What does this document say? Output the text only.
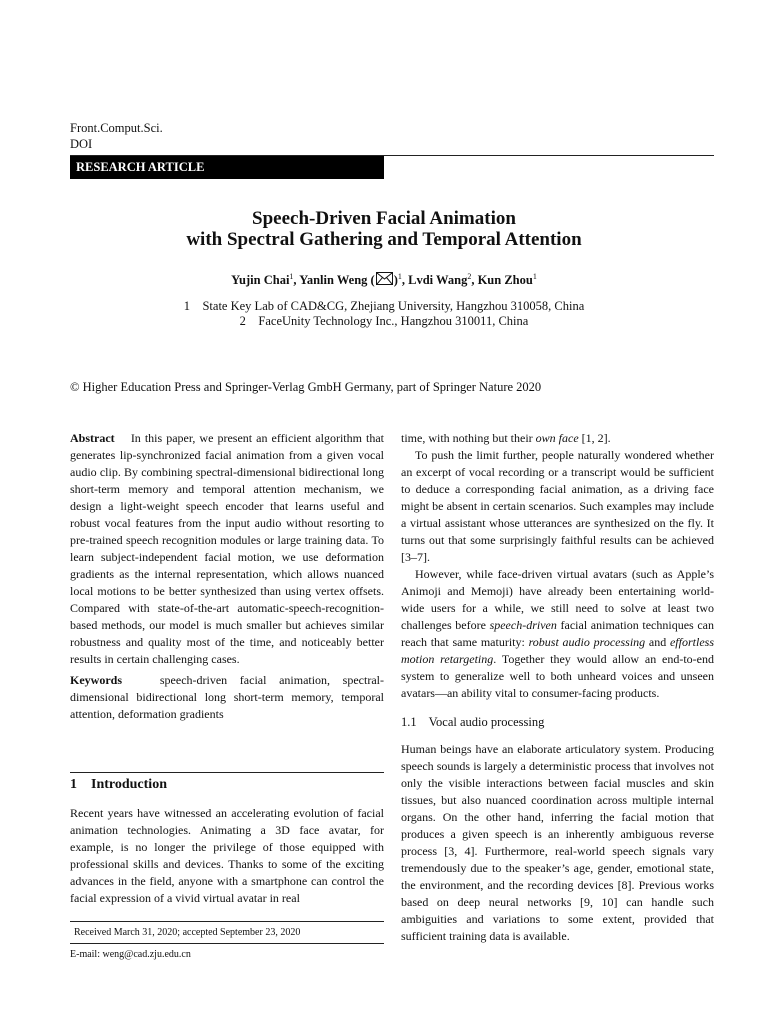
Front.Comput.Sci.
DOI
RESEARCH ARTICLE
Speech-Driven Facial Animation
with Spectral Gathering and Temporal Attention
Yujin Chai$^1$, Yanlin Weng ( )$^1$, Lvdi Wang$^2$, Kun Zhou$^1$
1 State Key Lab of CAD&CG, Zhejiang University, Hangzhou 310058, China
2 FaceUnity Technology Inc., Hangzhou 310011, China
© Higher Education Press and Springer-Verlag GmbH Germany, part of Springer Nature 2020

Abstract In this paper, we present an efficient algorithm that generates lip-synchronized facial animation from a given vocal audio clip. By combining spectral-dimensional bidirectional long short-term memory and temporal attention mechanism, we design a light-weight speech encoder that learns useful and robust vocal features from the input audio without resorting to pre-trained speech recognition modules or large training data. To learn subject-independent facial motion, we use deformation gradients as the internal representation, which allows nuanced local motions to be better synthesized than using vertex offsets. Compared with state-of-the-art automatic-speech-recognition-based methods, our model is much smaller but achieves similar robustness and quality most of the time, and noticeably better results in certain challenging cases.

Keywords	speech-driven facial animation, spectral-dimensional bidirectional long short-term memory, temporal attention, deformation gradients

1 Introduction
Recent years have witnessed an accelerating evolution of facial animation technologies. Animating a 3D face avatar, for example, is no longer the privilege of those equipped with professional skills and devices. Thanks to some of the exciting advances in the field, anyone with a smartphone can control the facial expression of a vivid virtual avatar in real
Received March 31, 2020; accepted September 23, 2020
E-mail: weng@cad.zju.edu.cn

time, with nothing but their own face [1, 2].

To push the limit further, people naturally wondered whether an excerpt of vocal recording or a transcript would be sufficient to deduce a corresponding facial animation, as a driving face might be absent in certain scenarios. Such examples may include a virtual assistant whose utterances are synthesized on the fly. It turns out that some surprisingly faithful results can be achieved [3–7].

However, while face-driven virtual avatars (such as Apple’s Animoji and Memoji) have already been entertaining world-wide users for a while, we still need to solve at least two challenges before speech-driven facial animation techniques can reach that same maturity: robust audio processing and effortless motion retargeting. Together they would allow an end-to-end system to generalize well to both unheard voices and unseen avatars—an ability vital to consumer-facing products.

1.1 Vocal audio processing

Human beings have an elaborate articulatory system. Producing speech sounds is largely a deterministic process that involves not only the visible interactions between facial muscles and skin tissues, but also nuanced coordination across multiple internal organs. On the other hand, inferring the facial motion that produces a given speech is an inherently ambiguous reverse process [3, 4]. Furthermore, real-world speech signals vary tremendously due to the speaker’s age, gender, emotional state, the environment, and the recording devices [8]. Previous works based on deep neural networks [9, 10] can handle such ambiguities and variations to some extent, provided that sufficient training data is available.
